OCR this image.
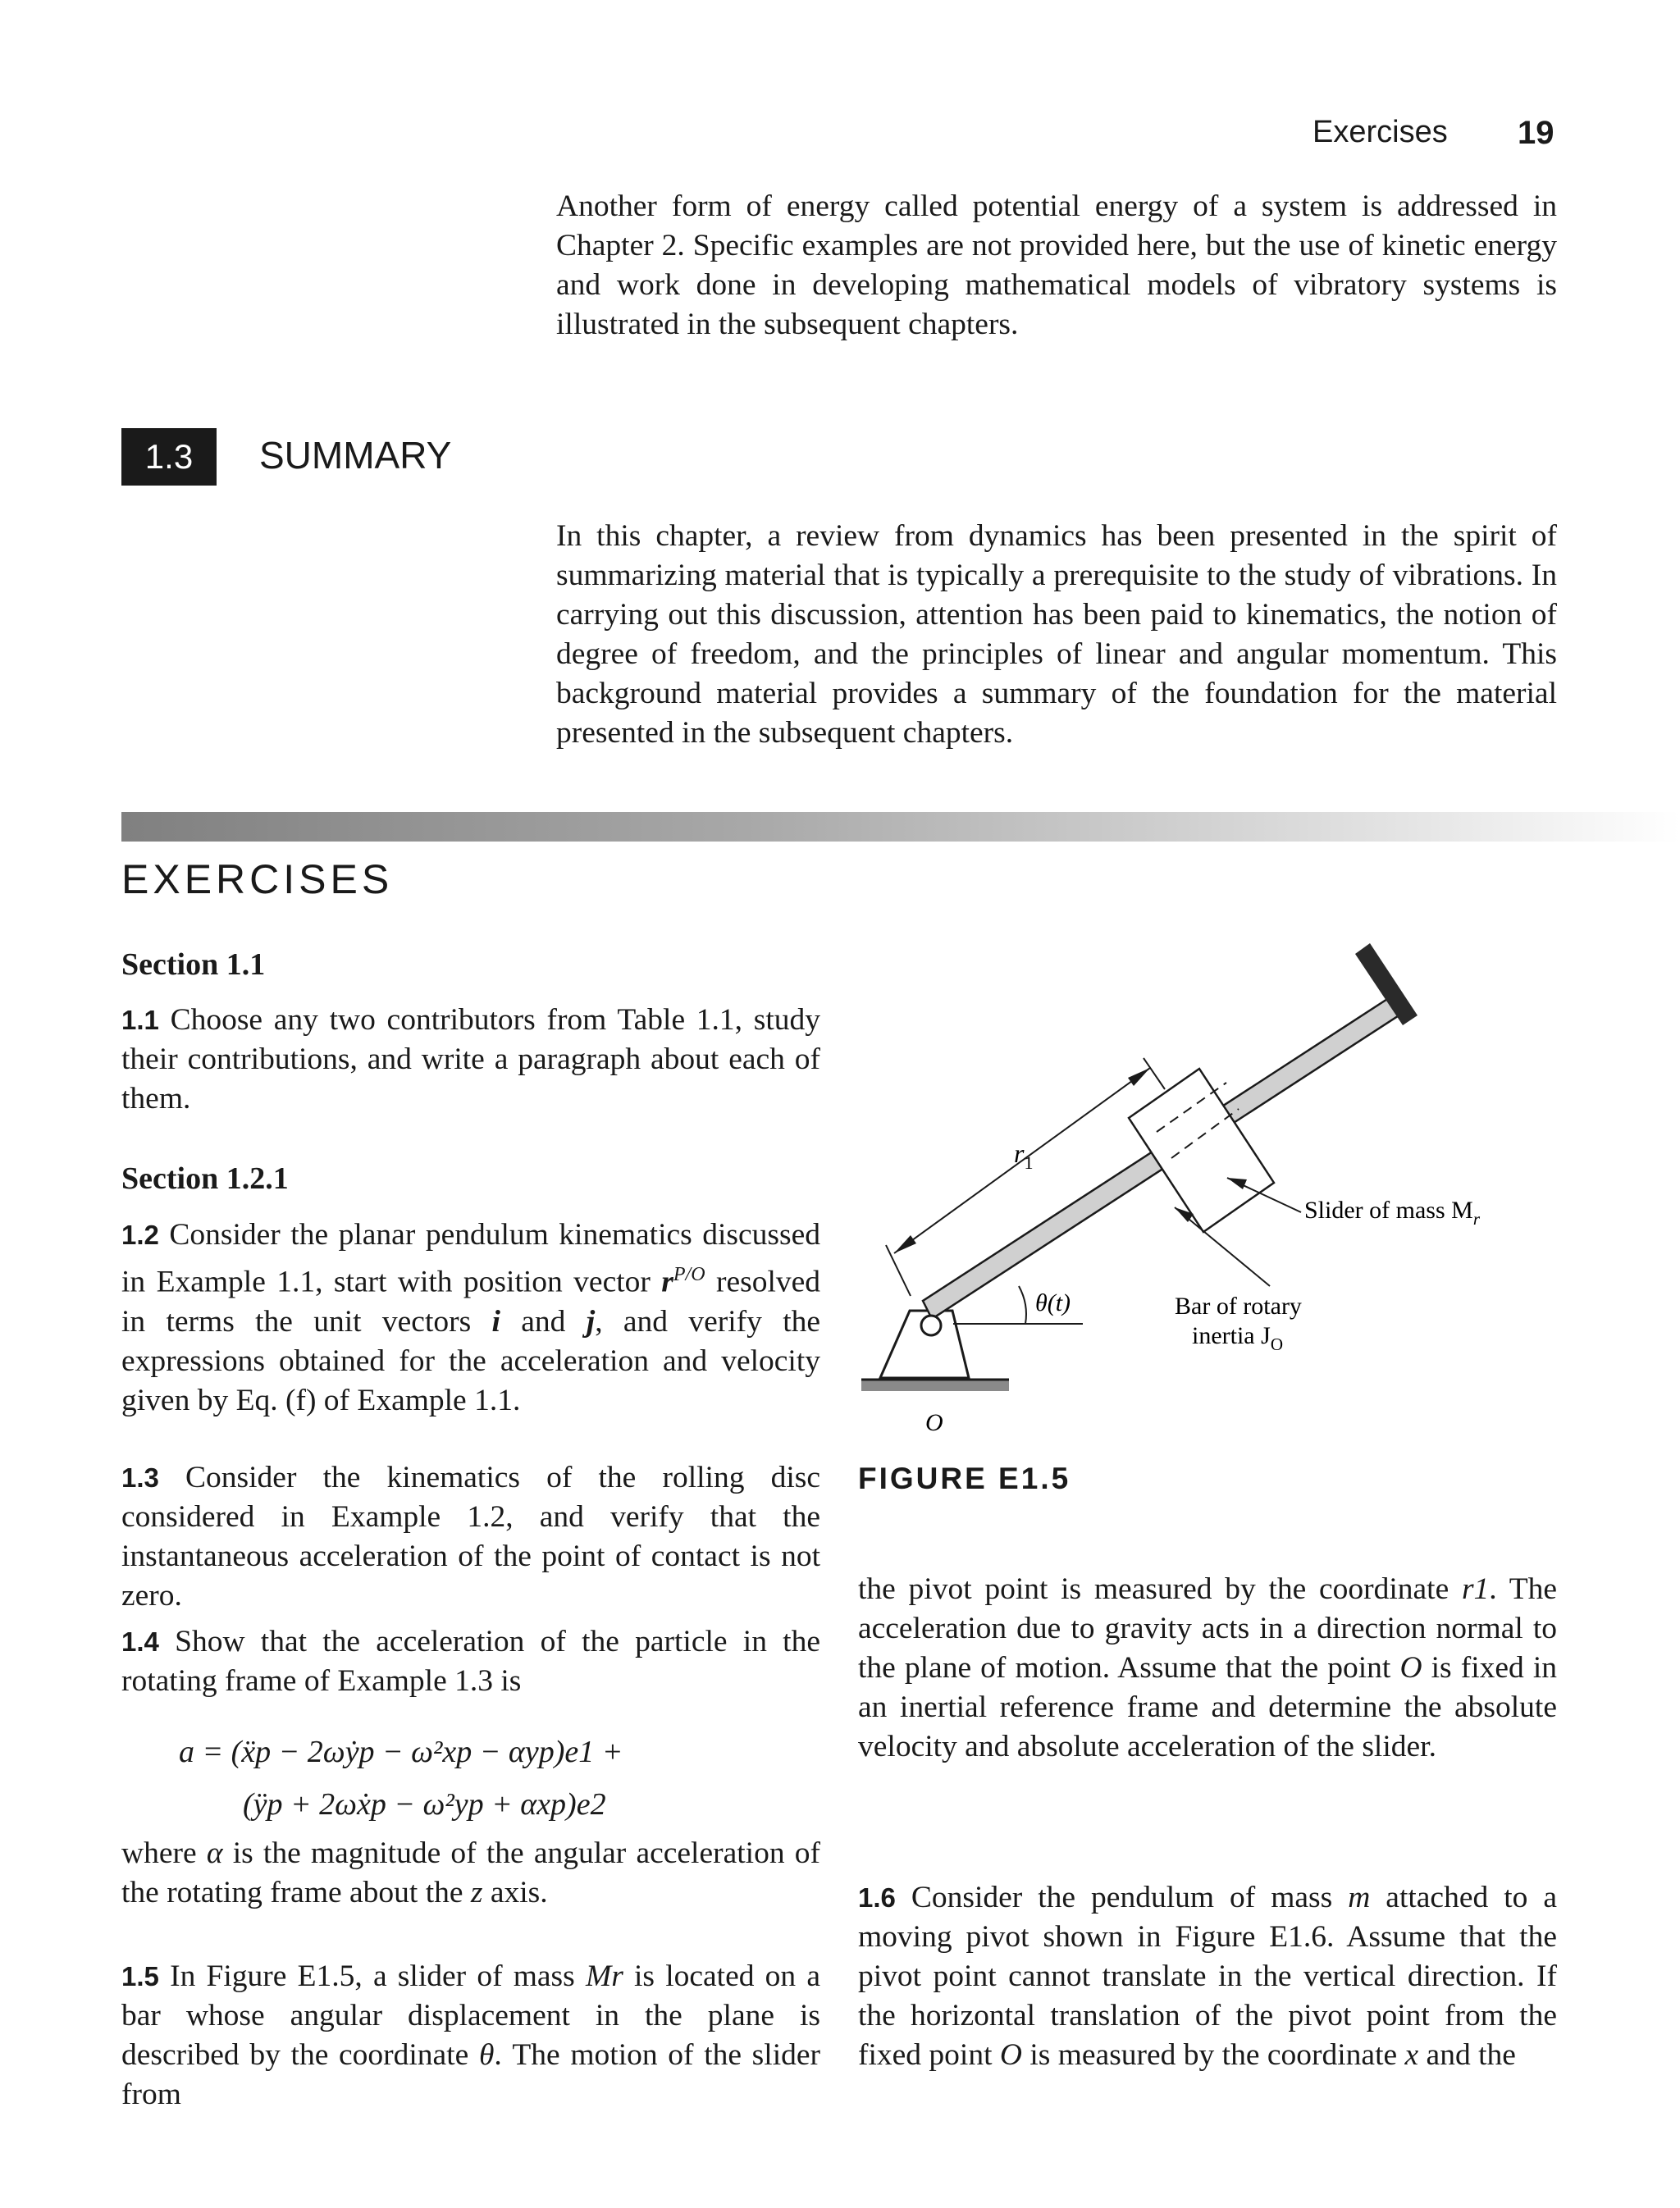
Exercises 19
Another form of energy called potential energy of a system is addressed in Chapter 2. Specific examples are not provided here, but the use of kinetic energy and work done in developing mathematical models of vibratory systems is illustrated in the subsequent chapters.
1.3	SUMMARY
In this chapter, a review from dynamics has been presented in the spirit of summarizing material that is typically a prerequisite to the study of vibrations. In carrying out this discussion, attention has been paid to kinematics, the notion of degree of freedom, and the principles of linear and angular momentum. This background material provides a summary of the foundation for the material presented in the subsequent chapters.
EXERCISES
Section 1.1
1.1 Choose any two contributors from Table 1.1, study their contributions, and write a paragraph about each of them.
Section 1.2.1
1.2 Consider the planar pendulum kinematics discussed in Example 1.1, start with position vector $r^{P/O}$ resolved in terms the unit vectors i and j, and verify the expressions obtained for the acceleration and velocity given by Eq. (f) of Example 1.1.
1.3 Consider the kinematics of the rolling disc considered in Example 1.2, and verify that the instantaneous acceleration of the point of contact is not zero.
1.4 Show that the acceleration of the particle in the rotating frame of Example 1.3 is
a = (ẍp − 2ωẏp − ω²xp − αyp)e1 +
(ÿp + 2ωẋp − ω²yp + αxp)e2
where α is the magnitude of the angular acceleration of the rotating frame about the z axis.
1.5 In Figure E1.5, a slider of mass Mr is located on a bar whose angular displacement in the plane is described by the coordinate θ. The motion of the slider from
$r_1$
θ(t)	Bar of rotary
inertia $J_O$
Slider of mass $M_r$
O
FIGURE E1.5
the pivot point is measured by the coordinate r1. The acceleration due to gravity acts in a direction normal to the plane of motion. Assume that the point O is fixed in an inertial reference frame and determine the absolute velocity and absolute acceleration of the slider.
1.6 Consider the pendulum of mass m attached to a moving pivot shown in Figure E1.6. Assume that the pivot point cannot translate in the vertical direction. If the horizontal translation of the pivot point from the fixed point O is measured by the coordinate x and the
